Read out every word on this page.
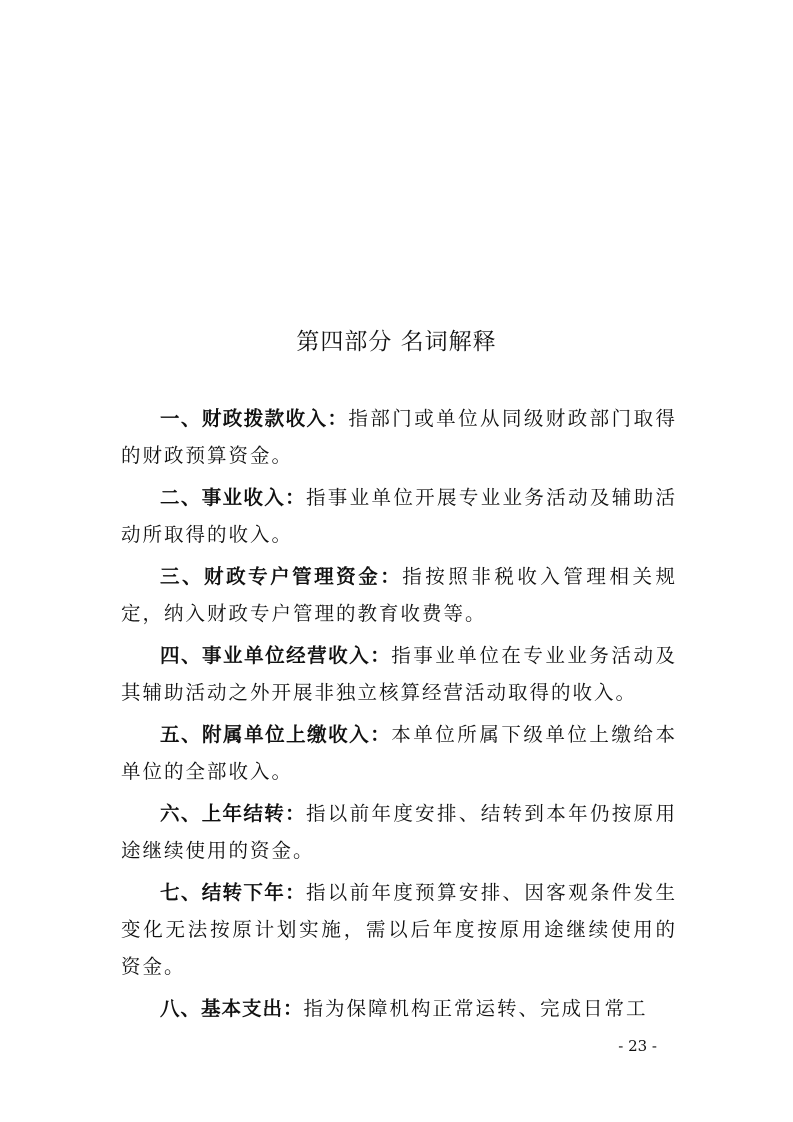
第四部分 名词解释

一、财政拨款收入：指部门或单位从同级财政部门取得的财政预算资金。

二、事业收入：指事业单位开展专业业务活动及辅助活动所取得的收入。

三、财政专户管理资金：指按照非税收入管理相关规定，纳入财政专户管理的教育收费等。

四、事业单位经营收入：指事业单位在专业业务活动及其辅助活动之外开展非独立核算经营活动取得的收入。

五、附属单位上缴收入：本单位所属下级单位上缴给本单位的全部收入。

六、上年结转：指以前年度安排、结转到本年仍按原用途继续使用的资金。

七、结转下年：指以前年度预算安排、因客观条件发生变化无法按原计划实施，需以后年度按原用途继续使用的资金。

八、基本支出：指为保障机构正常运转、完成日常工

- 23 -
